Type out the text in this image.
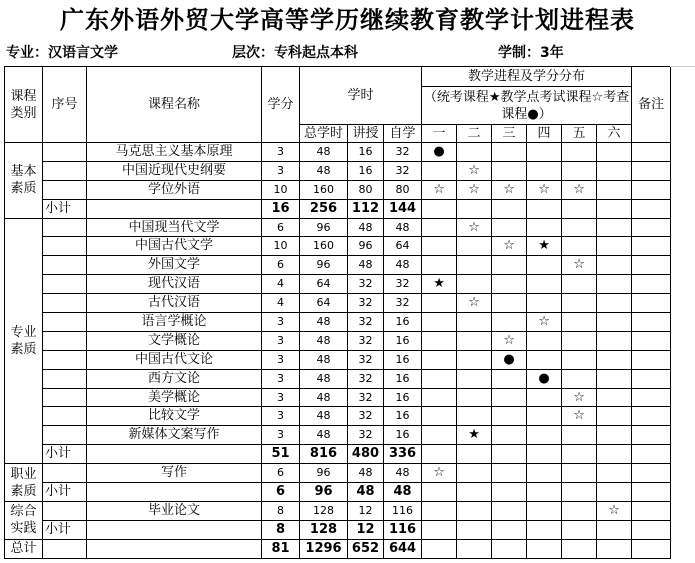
广东外语外贸大学高等学历继续教育教学计划进程表
专业：汉语言文学	层次：专科起点本科	学制：3年
课程类别	序号	课程名称	学分	学时			教学进程及学分分布						备注
							（统考课程★教学点考试课程☆考查课程●）						
				总学时	讲授	自学	一	二	三	四	五	六	
基本素质		马克思主义基本原理	3	48	16	32	●						
		中国近现代史纲要	3	48	16	32		☆					
		学位外语	10	160	80	80	☆	☆	☆	☆	☆		
	小计		16	256	112	144							
专业素质		中国现当代文学	6	96	48	48		☆					
		中国古代文学	10	160	96	64			☆	★			
		外国文学	6	96	48	48					☆		
		现代汉语	4	64	32	32	★						
		古代汉语	4	64	32	32		☆					
		语言学概论	3	48	32	16				☆			
		文学概论	3	48	32	16			☆				
		中国古代文论	3	48	32	16			●				
		西方文论	3	48	32	16				●			
		美学概论	3	48	32	16					☆		
		比较文学	3	48	32	16					☆		
		新媒体文案写作	3	48	32	16		★					
	小计		51	816	480	336							
职业素质		写作	6	96	48	48	☆						
	小计		6	96	48	48							
综合实践		毕业论文	8	128	12	116						☆	
	小计		8	128	12	116							
总计			81	1296	652	644							
